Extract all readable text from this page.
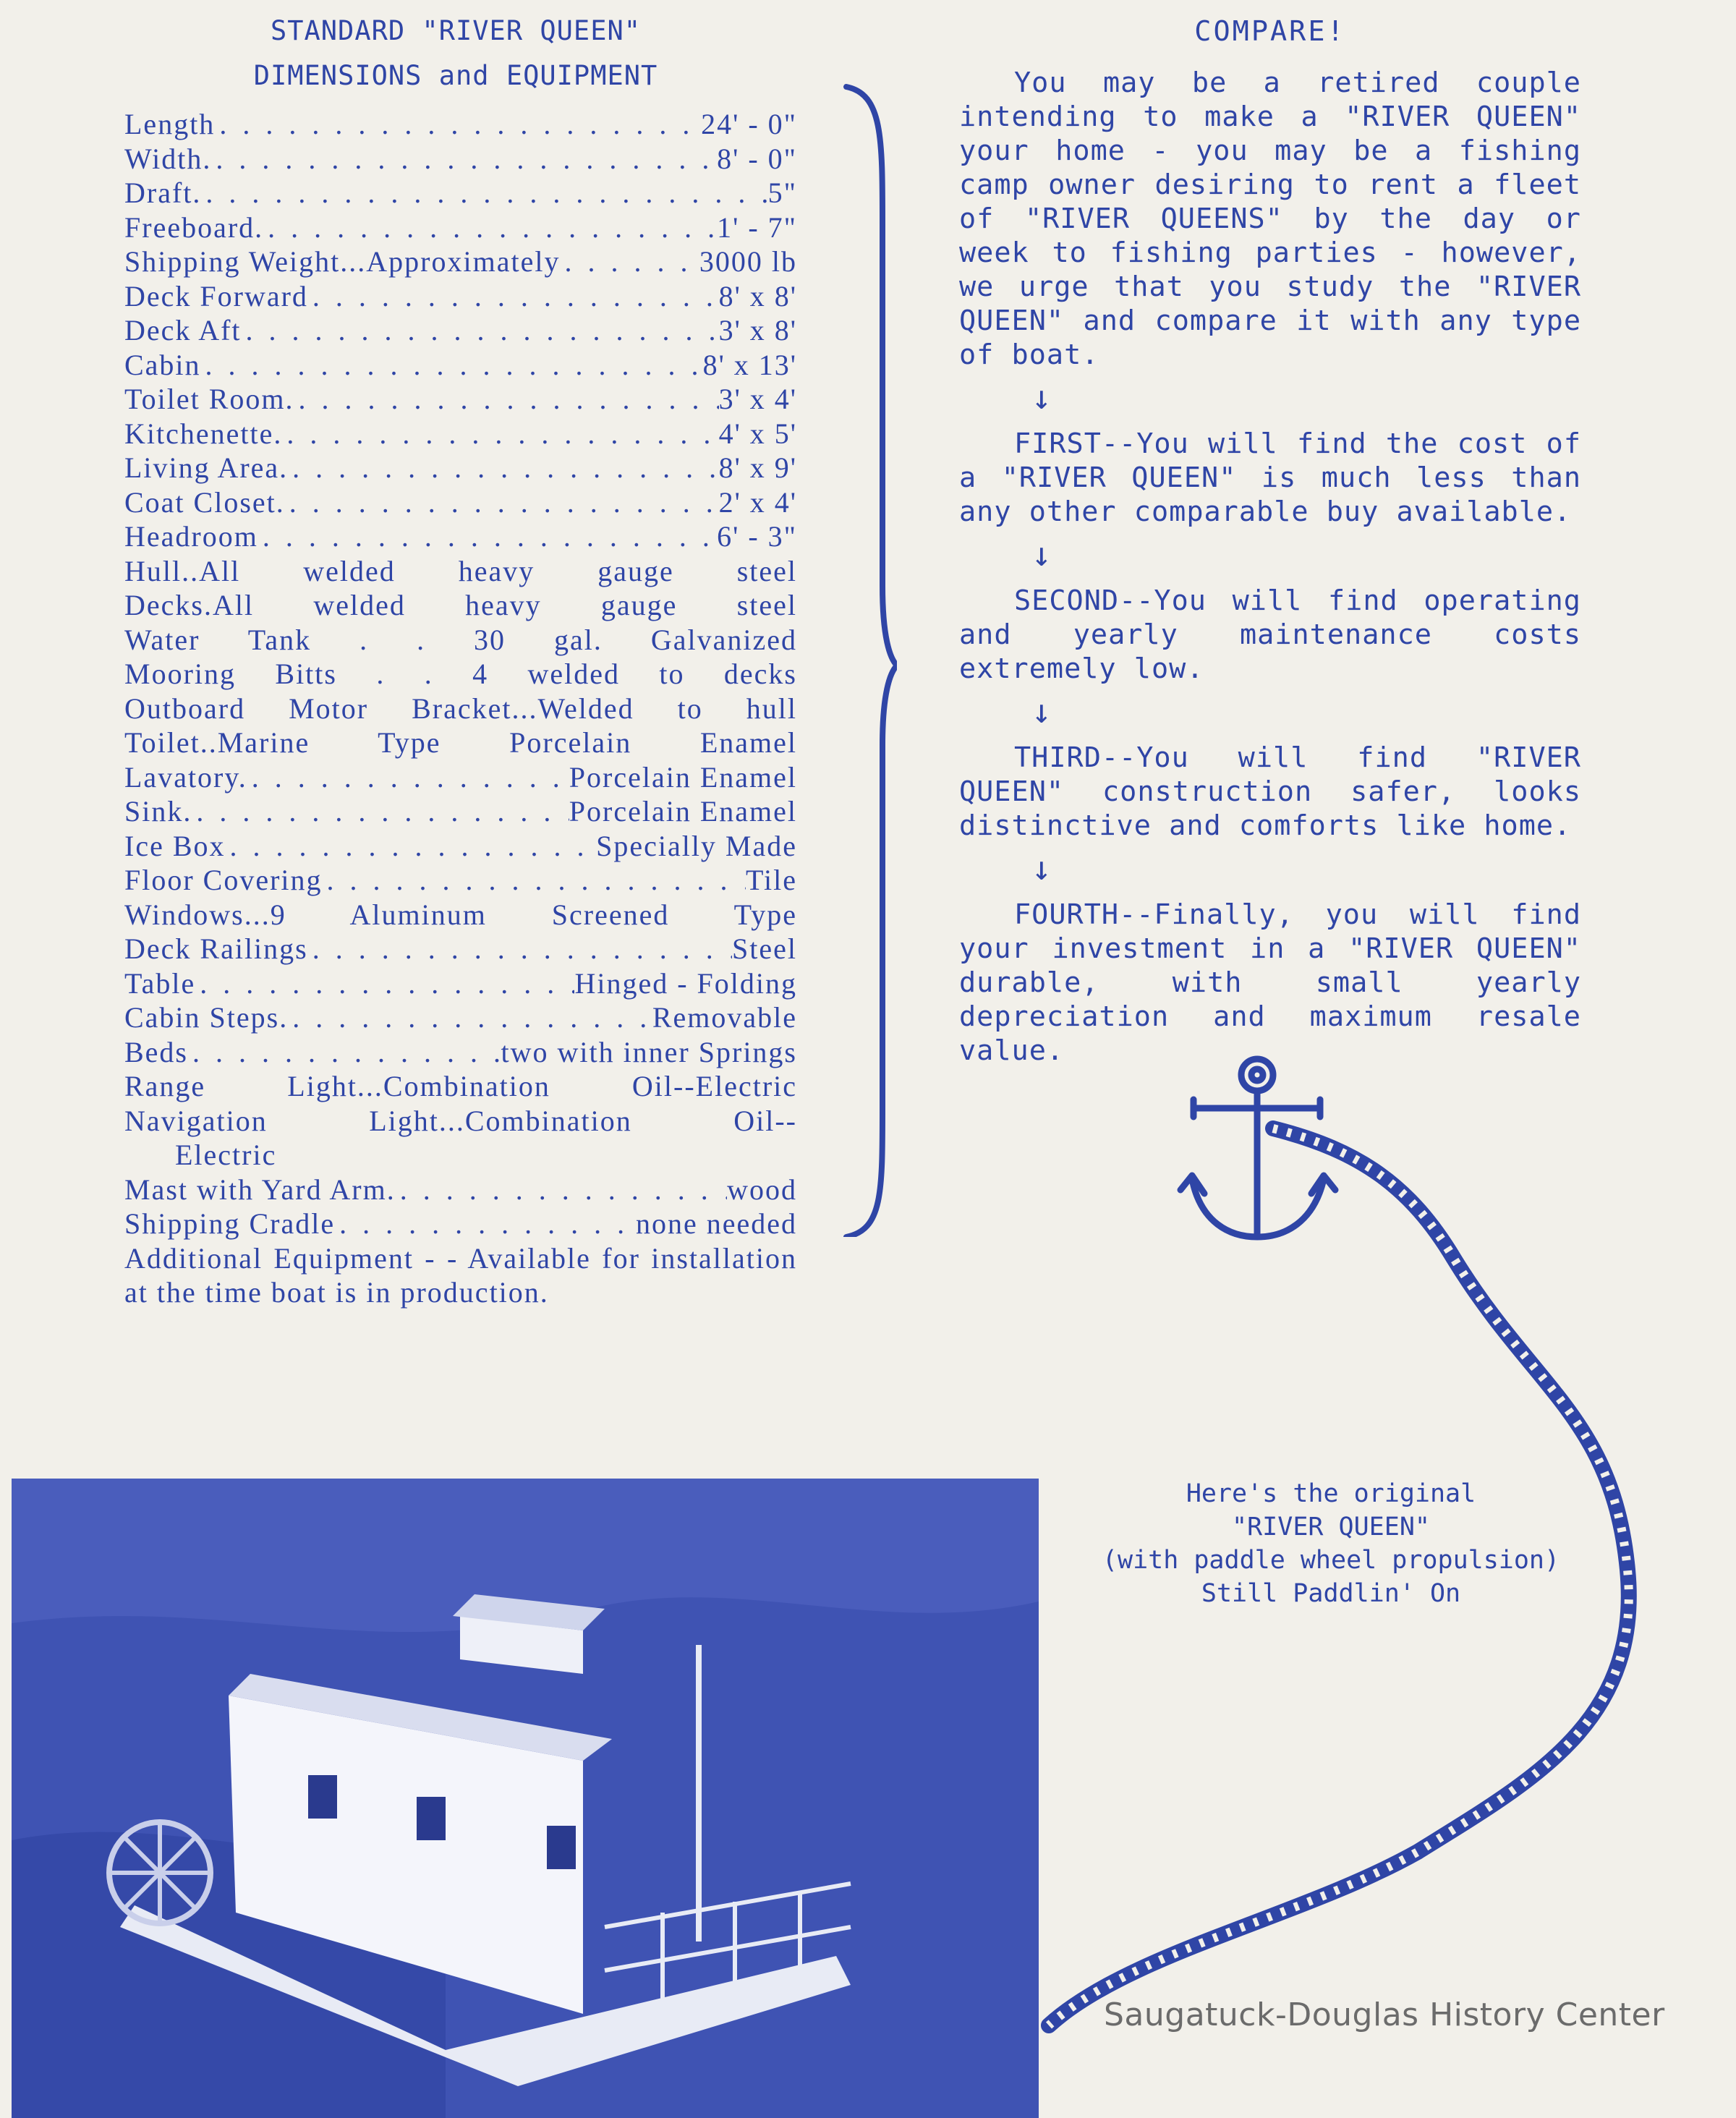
STANDARD "RIVER QUEEN"
DIMENSIONS and EQUIPMENT
Length . . .	24' - 0"
Width. . . .	8' - 0"
Draft. . . .	5"
Freeboard. . . .	1' - 7"
Shipping Weight...Approximately . . .	3000 lb
Deck Forward . . .	8' x 8'
Deck Aft . . .	3' x 8'
Cabin . . .	8' x 13'
Toilet Room. . . .	3' x 4'
Kitchenette. . . .	4' x 5'
Living Area. . . .	8' x 9'
Coat Closet. . . .	2' x 4'
Headroom . . .	6' - 3"
Hull..All welded heavy gauge steel
Decks.All welded heavy gauge steel
Water Tank . . 30 gal. Galvanized
Mooring Bitts . . 4 welded to decks
Outboard Motor Bracket...Welded to hull
Toilet..Marine Type Porcelain Enamel
Lavatory. . . .	Porcelain Enamel
Sink. . . .	Porcelain Enamel
Ice Box . . .	Specially Made
Floor Covering . . .	Tile
Windows...9 Aluminum Screened Type
Deck Railings . . .	Steel
Table . . .	Hinged - Folding
Cabin Steps. . . .	Removable
Beds . . .	two with inner Springs
Range Light...Combination Oil--Electric
Navigation Light...Combination Oil--
Electric
Mast with Yard Arm. . . .	wood
Shipping Cradle . . .	none needed
Additional Equipment - - Available for installation at the time boat is in production.
COMPARE!

You may be a retired couple intending to make a "RIVER QUEEN" your home - you may be a fishing camp owner desiring to rent a fleet of "RIVER QUEENS" by the day or week to fishing parties - however, we urge that you study the "RIVER QUEEN" and compare it with any type of boat.

↓

FIRST--You will find the cost of a "RIVER QUEEN" is much less than any other comparable buy available.

↓

SECOND--You will find operating and yearly maintenance costs extremely low.

↓

THIRD--You will find "RIVER QUEEN" construction safer, looks distinctive and comforts like home.

↓

FOURTH--Finally, you will find your investment in a "RIVER QUEEN" durable, with small yearly depreciation and maximum resale value.

Here's the original
"RIVER QUEEN"
(with paddle wheel propulsion)
Still Paddlin' On
Saugatuck-Douglas History Center
